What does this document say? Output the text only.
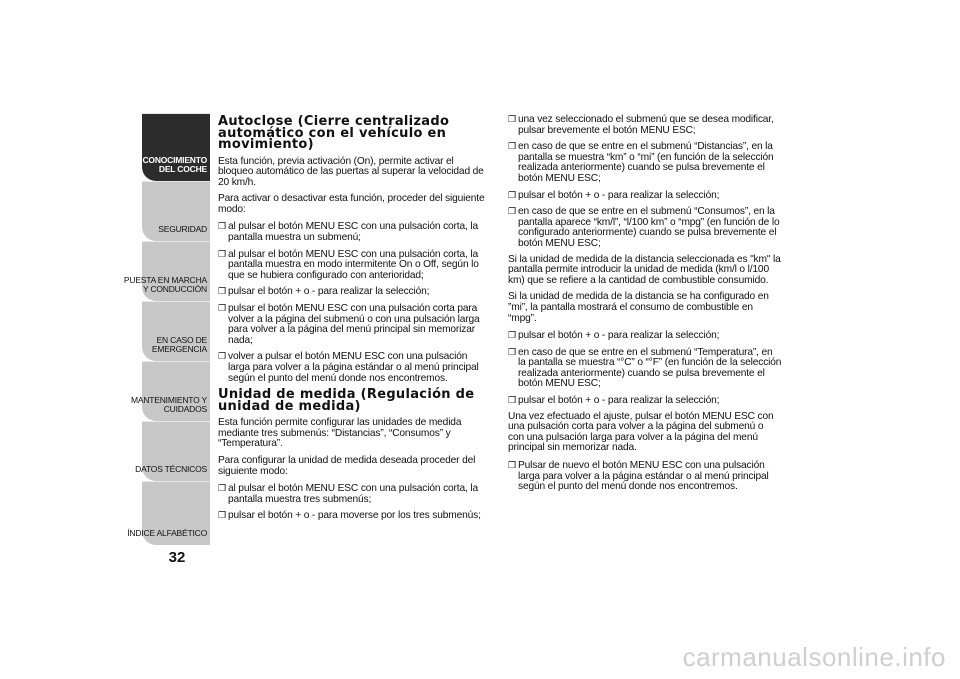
CONOCIMIENTO
DEL COCHE
SEGURIDAD
PUESTA EN MARCHA
Y CONDUCCIÓN
EN CASO DE
EMERGENCIA
MANTENIMIENTO Y
CUIDADOS
DATOS TÉCNICOS
ÍNDICE ALFABÉTICO
32
Autoclose (Cierre centralizado automático con el vehículo en movimiento)

Esta función, previa activación (On), permite activar el bloqueo automático de las puertas al superar la velocidad de 20 km/h.

Para activar o desactivar esta función, proceder del siguiente modo:

❒ al pulsar el botón MENU ESC con una pulsación corta, la pantalla muestra un submenú;
❒ al pulsar el botón MENU ESC con una pulsación corta, la pantalla muestra en modo intermitente On o Off, según lo que se hubiera configurado con anterioridad;
❒ pulsar el botón + o - para realizar la selección;
❒ pulsar el botón MENU ESC con una pulsación corta para volver a la página del submenú o con una pulsación larga para volver a la página del menú principal sin memorizar nada;
❒ volver a pulsar el botón MENU ESC con una pulsación larga para volver a la página estándar o al menú principal según el punto del menú donde nos encontremos.
Unidad de medida (Regulación de unidad de medida)

Esta función permite configurar las unidades de medida mediante tres submenús: “Distancias”, “Consumos” y “Temperatura”.

Para configurar la unidad de medida deseada proceder del siguiente modo:

❒ al pulsar el botón MENU ESC con una pulsación corta, la pantalla muestra tres submenús;
❒ pulsar el botón + o - para moverse por los tres submenús;
❒ una vez seleccionado el submenú que se desea modificar, pulsar brevemente el botón MENU ESC;
❒ en caso de que se entre en el submenú “Distancias”, en la pantalla se muestra “km” o “mi” (en función de la selección realizada anteriormente) cuando se pulsa brevemente el botón MENU ESC;
❒ pulsar el botón + o - para realizar la selección;
❒ en caso de que se entre en el submenú “Consumos”, en la pantalla aparece “km/l”, “l/100 km” o “mpg” (en función de lo configurado anteriormente) cuando se pulsa brevemente el botón MENU ESC;

Si la unidad de medida de la distancia seleccionada es "km" la pantalla permite introducir la unidad de medida (km/l o l/100 km) que se refiere a la cantidad de combustible consumido.

Si la unidad de medida de la distancia se ha configurado en ”mi”, la pantalla mostrará el consumo de combustible en “mpg”.

❒ pulsar el botón + o - para realizar la selección;
❒ en caso de que se entre en el submenú “Temperatura”, en la pantalla se muestra “°C” o “°F” (en función de la selección realizada anteriormente) cuando se pulsa brevemente el botón MENU ESC;
❒ pulsar el botón + o - para realizar la selección;

Una vez efectuado el ajuste, pulsar el botón MENU ESC con una pulsación corta para volver a la página del submenú o con una pulsación larga para volver a la página del menú principal sin memorizar nada.

❒ Pulsar de nuevo el botón MENU ESC con una pulsación larga para volver a la página estándar o al menú principal según el punto del menú donde nos encontremos.
carmanualsonline.info
